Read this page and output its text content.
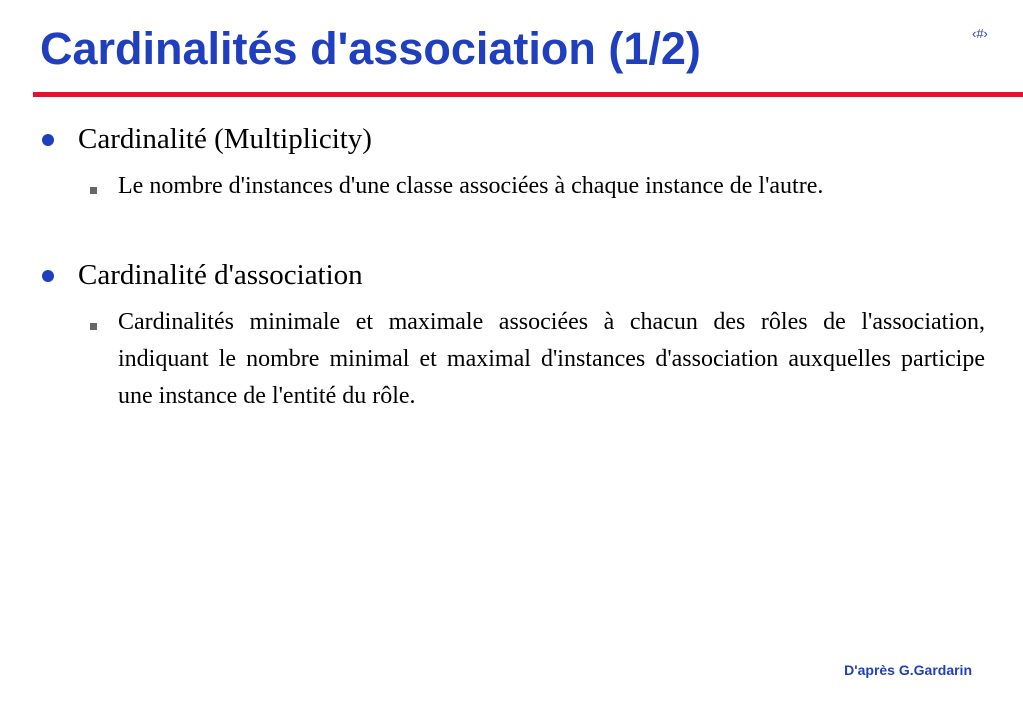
Cardinalités d'association (1/2)	‹#›
Cardinalité (Multiplicity)
Le nombre d'instances d'une classe associées à chaque instance de l'autre.
Cardinalité d'association
Cardinalités minimale et maximale associées à chacun des rôles de l'association, indiquant le nombre minimal et maximal d'instances d'association auxquelles participe une instance de l'entité du rôle.
D'après G.Gardarin
